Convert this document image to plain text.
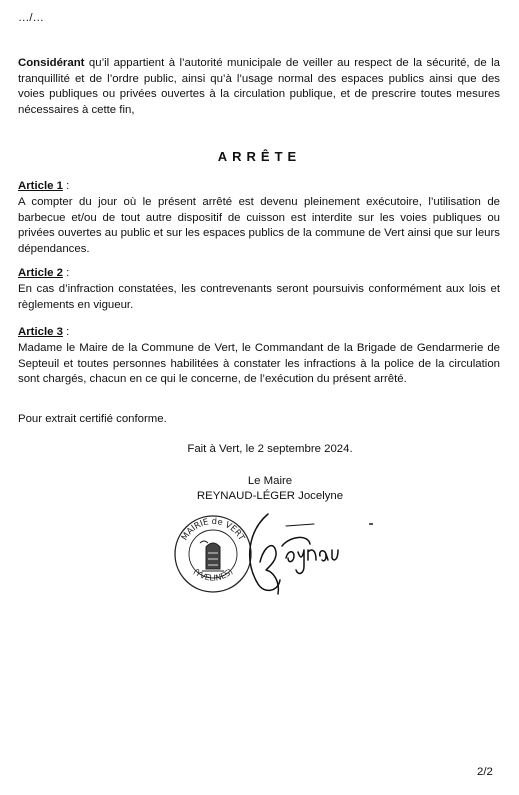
…/…
Considérant qu’il appartient à l’autorité municipale de veiller au respect de la sécurité, de la tranquillité et de l’ordre public, ainsi qu’à l’usage normal des espaces publics ainsi que des voies publiques ou privées ouvertes à la circulation publique, et de prescrire toutes mesures nécessaires à cette fin,
ARRÊTE
Article 1 :
A compter du jour où le présent arrêté est devenu pleinement exécutoire, l’utilisation de barbecue et/ou de tout autre dispositif de cuisson est interdite sur les voies publiques ou privées ouvertes au public et sur les espaces publics de la commune de Vert ainsi que sur leurs dépendances.
Article 2 :
En cas d’infraction constatées, les contrevenants seront poursuivis conformément aux lois et règlements en vigueur.
Article 3 :
Madame le Maire de la Commune de Vert, le Commandant de la Brigade de Gendarmerie de Septeuil et toutes personnes habilitées à constater les infractions à la police de la circulation sont chargés, chacun en ce qui le concerne, de l’exécution du présent arrêté.
Pour extrait certifié conforme.
Fait à Vert, le 2 septembre 2024.
Le Maire
REYNAUD-LÉGER Jocelyne
MAIRIE de VERT
(YVELINES)
2/2
